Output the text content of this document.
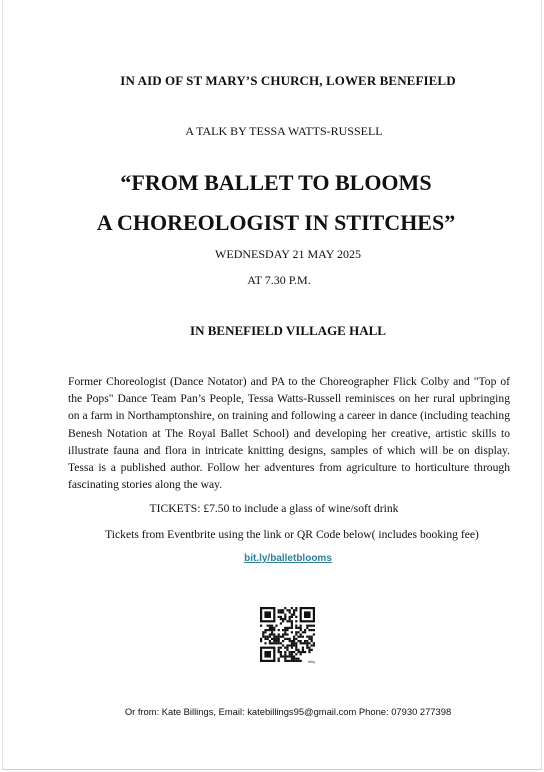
IN AID OF ST MARY’S CHURCH, LOWER BENEFIELD
A TALK BY TESSA WATTS-RUSSELL
“FROM BALLET TO BLOOMS
A CHOREOLOGIST IN STITCHES”
WEDNESDAY 21 MAY 2025
AT 7.30 P.M.
IN BENEFIELD VILLAGE HALL
Former Choreologist (Dance Notator) and PA to the Choreographer Flick Colby and "Top of the Pops" Dance Team Pan’s People, Tessa Watts-Russell reminisces on her rural upbringing on a farm in Northamptonshire, on training and following a career in dance (including teaching Benesh Notation at The Royal Ballet School) and developing her creative, artistic skills to illustrate fauna and flora in intricate knitting designs, samples of which will be on display. Tessa is a published author. Follow her adventures from agriculture to horticulture through fascinating stories along the way.
TICKETS: £7.50 to include a glass of wine/soft drink
Tickets from Eventbrite using the link or QR Code below( includes booking fee)
bit.ly/balletblooms
bitly
Or from: Kate Billings, Email: katebillings95@gmail.com Phone: 07930 277398
